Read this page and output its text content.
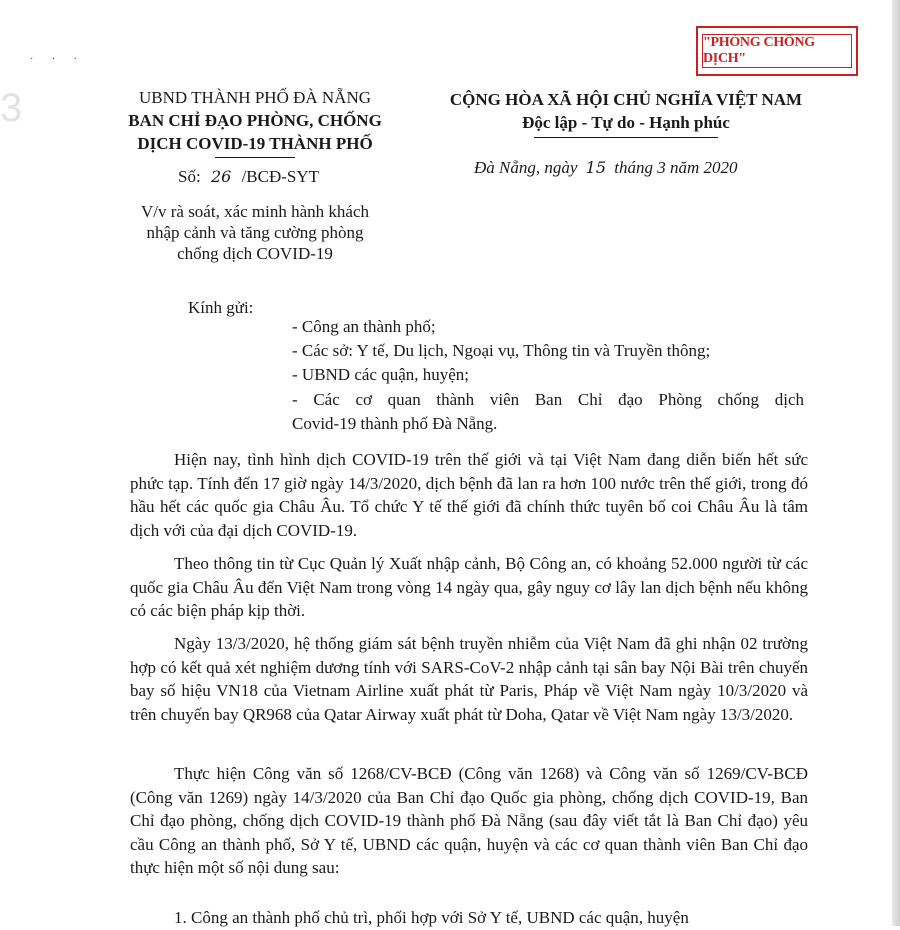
3
· · ·
"PHÒNG CHỐNG DỊCH"
UBND THÀNH PHỐ ĐÀ NẴNG
BAN CHỈ ĐẠO PHÒNG, CHỐNG
DỊCH COVID-19 THÀNH PHỐ
Số: 26 /BCĐ-SYT
V/v rà soát, xác minh hành khách
nhập cảnh và tăng cường phòng
chống dịch COVID-19
CỘNG HÒA XÃ HỘI CHỦ NGHĨA VIỆT NAM
Độc lập - Tự do - Hạnh phúc
Đà Nẵng, ngày 15 tháng 3 năm 2020
Kính gửi:
- Công an thành phố;
- Các sở: Y tế, Du lịch, Ngoại vụ, Thông tin và Truyền thông;
- UBND các quận, huyện;
- Các cơ quan thành viên Ban Chỉ đạo Phòng chống dịch
Covid-19 thành phố Đà Nẵng.
Hiện nay, tình hình dịch COVID-19 trên thế giới và tại Việt Nam đang diễn biến hết sức phức tạp. Tính đến 17 giờ ngày 14/3/2020, dịch bệnh đã lan ra hơn 100 nước trên thế giới, trong đó hầu hết các quốc gia Châu Âu. Tổ chức Y tế thế giới đã chính thức tuyên bố coi Châu Âu là tâm dịch với của đại dịch COVID-19.
Theo thông tin từ Cục Quản lý Xuất nhập cảnh, Bộ Công an, có khoảng 52.000 người từ các quốc gia Châu Âu đến Việt Nam trong vòng 14 ngày qua, gây nguy cơ lây lan dịch bệnh nếu không có các biện pháp kịp thời.
Ngày 13/3/2020, hệ thống giám sát bệnh truyền nhiễm của Việt Nam đã ghi nhận 02 trường hợp có kết quả xét nghiệm dương tính với SARS-CoV-2 nhập cảnh tại sân bay Nội Bài trên chuyến bay số hiệu VN18 của Vietnam Airline xuất phát từ Paris, Pháp về Việt Nam ngày 10/3/2020 và trên chuyến bay QR968 của Qatar Airway xuất phát từ Doha, Qatar về Việt Nam ngày 13/3/2020.
Thực hiện Công văn số 1268/CV-BCĐ (Công văn 1268) và Công văn số 1269/CV-BCĐ (Công văn 1269) ngày 14/3/2020 của Ban Chỉ đạo Quốc gia phòng, chống dịch COVID-19, Ban Chỉ đạo phòng, chống dịch COVID-19 thành phố Đà Nẵng (sau đây viết tắt là Ban Chỉ đạo) yêu cầu Công an thành phố, Sở Y tế, UBND các quận, huyện và các cơ quan thành viên Ban Chỉ đạo thực hiện một số nội dung sau:
1. Công an thành phố chủ trì, phối hợp với Sở Y tế, UBND các quận, huyện
